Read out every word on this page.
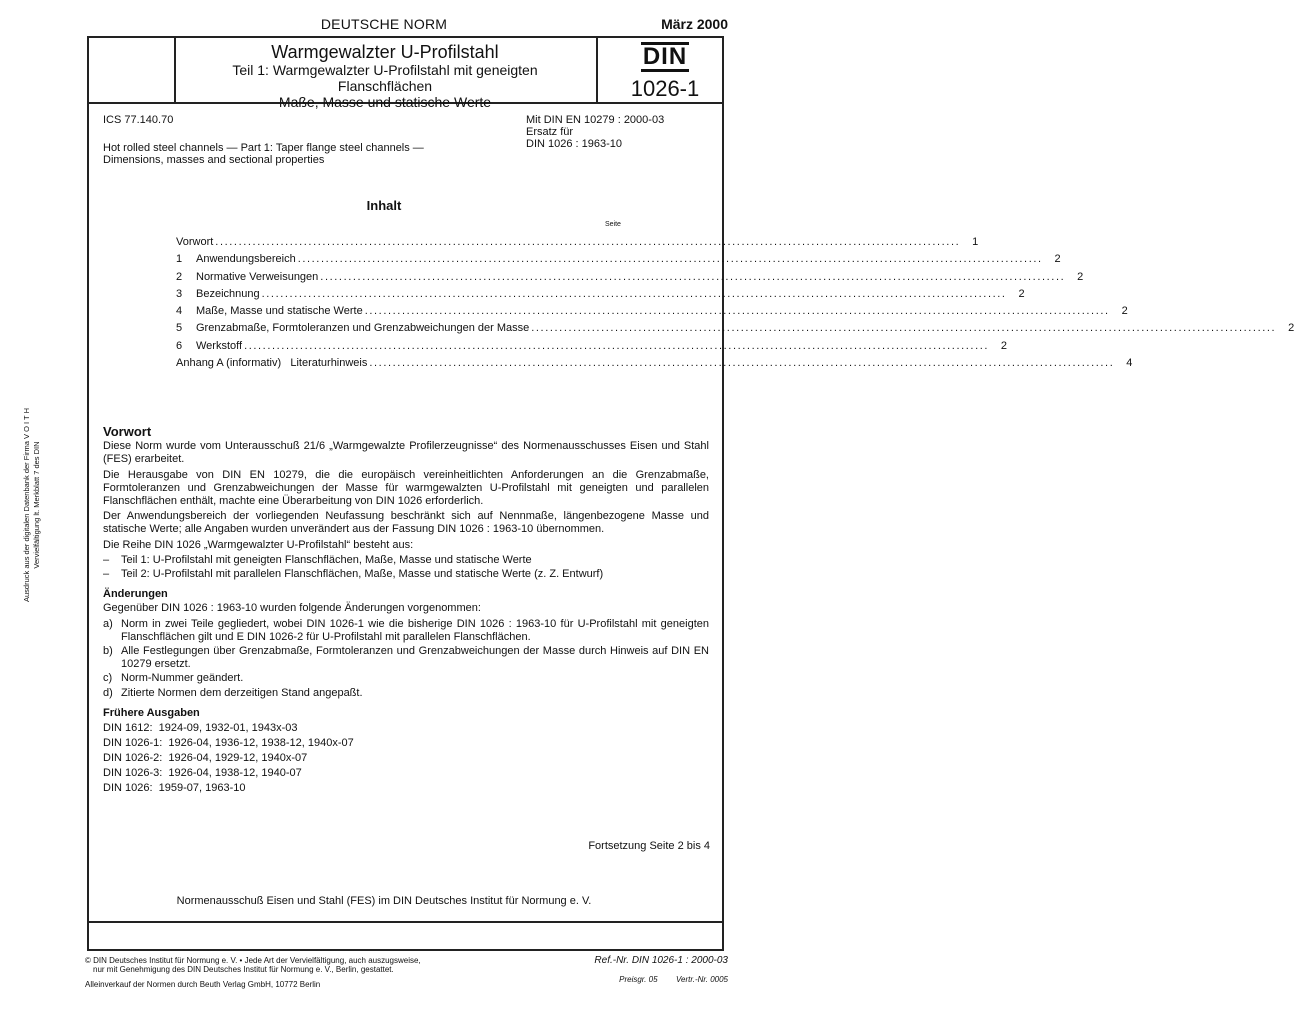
DEUTSCHE NORM	März 2000
Warmgewalzter U-Profilstahl
Teil 1: Warmgewalzter U-Profilstahl mit geneigten Flanschflächen
Maße, Masse und statische Werte
DIN
1026-1
ICS 77.140.70
Hot rolled steel channels — Part 1: Taper flange steel channels —
Dimensions, masses and sectional properties
Mit DIN EN 10279 : 2000-03
Ersatz für
DIN 1026 : 1963-10
Inhalt
Seite
Vorwort ................................................................................................................................................................	1
1	Anwendungsbereich ................................................................................................................................................................	2
2	Normative Verweisungen ................................................................................................................................................................	2
3	Bezeichnung ................................................................................................................................................................	2
4	Maße, Masse und statische Werte ................................................................................................................................................................	2
5	Grenzabmaße, Formtoleranzen und Grenzabweichungen der Masse ................................................................................................................................................................	2
6	Werkstoff ................................................................................................................................................................	2
Anhang A (informativ)   Literaturhinweis ................................................................................................................................................................	4
Ausdruck aus der digitalen Datenbank der Firma V O I T H Vervielfältigung lt. Merkblatt 7 des DIN
Vorwort
Diese Norm wurde vom Unterausschuß 21/6 „Warmgewalzte Profilerzeugnisse“ des Normenausschusses Eisen und Stahl (FES) erarbeitet.
Die Herausgabe von DIN EN 10279, die die europäisch vereinheitlichten Anforderungen an die Grenzabmaße, Formtoleranzen und Grenzabweichungen der Masse für warmgewalzten U-Profilstahl mit geneigten und parallelen Flanschflächen enthält, machte eine Überarbeitung von DIN 1026 erforderlich.
Der Anwendungsbereich der vorliegenden Neufassung beschränkt sich auf Nennmaße, längenbezogene Masse und statische Werte; alle Angaben wurden unverändert aus der Fassung DIN 1026 : 1963-10 übernommen.
Die Reihe DIN 1026 „Warmgewalzter U-Profilstahl“ besteht aus:
–	Teil 1: U-Profilstahl mit geneigten Flanschflächen, Maße, Masse und statische Werte
–	Teil 2: U-Profilstahl mit parallelen Flanschflächen, Maße, Masse und statische Werte (z. Z. Entwurf)
Änderungen
Gegenüber DIN 1026 : 1963-10 wurden folgende Änderungen vorgenommen:
a) Norm in zwei Teile gegliedert, wobei DIN 1026-1 wie die bisherige DIN 1026 : 1963-10 für U-Profilstahl mit geneigten Flanschflächen gilt und E DIN 1026-2 für U-Profilstahl mit parallelen Flanschflächen.
b) Alle Festlegungen über Grenzabmaße, Formtoleranzen und Grenzabweichungen der Masse durch Hinweis auf DIN EN 10279 ersetzt.
c) Norm-Nummer geändert.
d) Zitierte Normen dem derzeitigen Stand angepaßt.
Frühere Ausgaben
DIN 1612:  1924-09, 1932-01, 1943x-03
DIN 1026-1:  1926-04, 1936-12, 1938-12, 1940x-07
DIN 1026-2:  1926-04, 1929-12, 1940x-07
DIN 1026-3:  1926-04, 1938-12, 1940-07
DIN 1026:  1959-07, 1963-10
Fortsetzung Seite 2 bis 4
Normenausschuß Eisen und Stahl (FES) im DIN Deutsches Institut für Normung e. V.
© DIN Deutsches Institut für Normung e. V. • Jede Art der Vervielfältigung, auch auszugsweise,
nur mit Genehmigung des DIN Deutsches Institut für Normung e. V., Berlin, gestattet.
Alleinverkauf der Normen durch Beuth Verlag GmbH, 10772 Berlin
Ref.-Nr. DIN 1026-1 : 2000-03
Preisgr. 05 Vertr.-Nr. 0005
